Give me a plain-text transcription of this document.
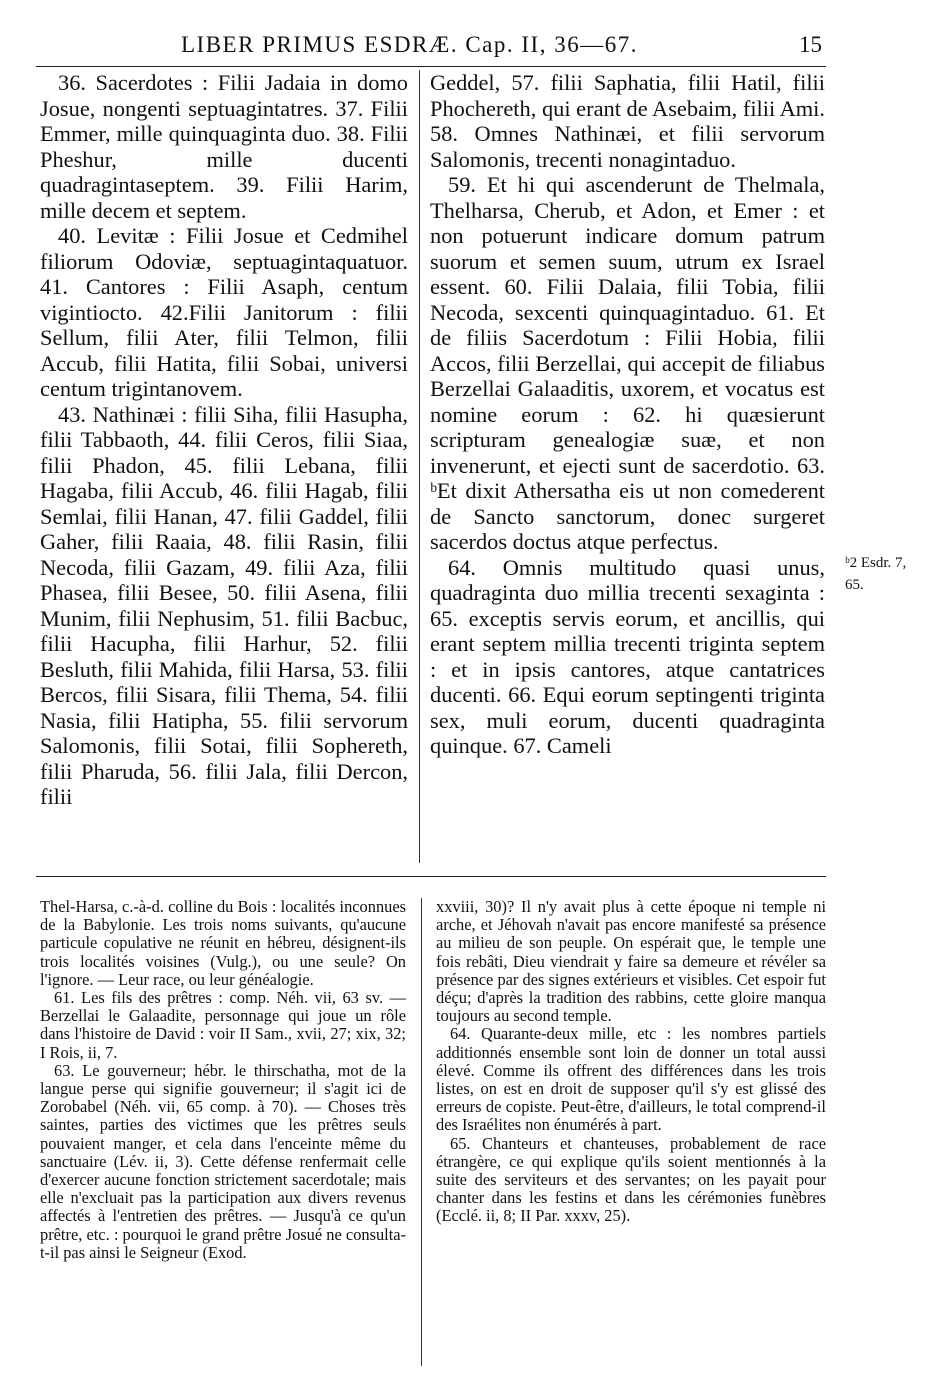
LIBER PRIMUS ESDRÆ. Cap. II, 36—67.	15

36. Sacerdotes : Filii Jadaia in domo Josue, nongenti septuagintatres. 37. Filii Emmer, mille quinquaginta duo. 38. Filii Pheshur, mille ducenti quadragintaseptem. 39. Filii Harim, mille decem et septem.

40. Levitæ : Filii Josue et Cedmihel filiorum Odoviæ, septuagintaquatuor. 41. Cantores : Filii Asaph, centum vigintiocto. 42.Filii Janitorum : filii Sellum, filii Ater, filii Telmon, filii Accub, filii Hatita, filii Sobai, universi centum trigintanovem.

43. Nathinæi : filii Siha, filii Hasupha, filii Tabbaoth, 44. filii Ceros, filii Siaa, filii Phadon, 45. filii Lebana, filii Hagaba, filii Accub, 46. filii Hagab, filii Semlai, filii Hanan, 47. filii Gaddel, filii Gaher, filii Raaia, 48. filii Rasin, filii Necoda, filii Gazam, 49. filii Aza, filii Phasea, filii Besee, 50. filii Asena, filii Munim, filii Nephusim, 51. filii Bacbuc, filii Hacupha, filii Harhur, 52. filii Besluth, filii Mahida, filii Harsa, 53. filii Bercos, filii Sisara, filii Thema, 54. filii Nasia, filii Hatipha, 55. filii servorum Salomonis, filii Sotai, filii Sophereth, filii Pharuda, 56. filii Jala, filii Dercon, filii

Geddel, 57. filii Saphatia, filii Hatil, filii Phochereth, qui erant de Asebaim, filii Ami. 58. Omnes Nathinæi, et filii servorum Salomonis, trecenti nonagintaduo.

59. Et hi qui ascenderunt de Thelmala, Thelharsa, Cherub, et Adon, et Emer : et non potuerunt indicare domum patrum suorum et semen suum, utrum ex Israel essent. 60. Filii Dalaia, filii Tobia, filii Necoda, sexcenti quinquagintaduo. 61. Et de filiis Sacerdotum : Filii Hobia, filii Accos, filii Berzellai, qui accepit de filiabus Berzellai Galaaditis, uxorem, et vocatus est nomine eorum : 62. hi quæsierunt scripturam genealogiæ suæ, et non invenerunt, et ejecti sunt de sacerdotio. 63. ᵇEt dixit Athersatha eis ut non comederent de Sancto sanctorum, donec surgeret sacerdos doctus atque perfectus.

64. Omnis multitudo quasi unus, quadraginta duo millia trecenti sexaginta : 65. exceptis servis eorum, et ancillis, qui erant septem millia trecenti triginta septem : et in ipsis cantores, atque cantatrices ducenti. 66. Equi eorum septingenti triginta sex, muli eorum, ducenti quadraginta quinque. 67. Cameli

ᵇ2 Esdr. 7,
65.

Thel-Harsa, c.-à-d. colline du Bois : localités inconnues de la Babylonie. Les trois noms suivants, qu'aucune particule copulative ne réunit en hébreu, désignent-ils trois localités voisines (Vulg.), ou une seule? On l'ignore. — Leur race, ou leur généalogie.

61. Les fils des prêtres : comp. Néh. vii, 63 sv. — Berzellai le Galaadite, personnage qui joue un rôle dans l'histoire de David : voir II Sam., xvii, 27; xix, 32; I Rois, ii, 7.

63. Le gouverneur; hébr. le thirschatha, mot de la langue perse qui signifie gouverneur; il s'agit ici de Zorobabel (Néh. vii, 65 comp. à 70). — Choses très saintes, parties des victimes que les prêtres seuls pouvaient manger, et cela dans l'enceinte même du sanctuaire (Lév. ii, 3). Cette défense renfermait celle d'exercer aucune fonction strictement sacerdotale; mais elle n'excluait pas la participation aux divers revenus affectés à l'entretien des prêtres. — Jusqu'à ce qu'un prêtre, etc. : pourquoi le grand prêtre Josué ne consulta-t-il pas ainsi le Seigneur (Exod.

xxviii, 30)? Il n'y avait plus à cette époque ni temple ni arche, et Jéhovah n'avait pas encore manifesté sa présence au milieu de son peuple. On espérait que, le temple une fois rebâti, Dieu viendrait y faire sa demeure et révéler sa présence par des signes extérieurs et visibles. Cet espoir fut déçu; d'après la tradition des rabbins, cette gloire manqua toujours au second temple.

64. Quarante-deux mille, etc : les nombres partiels additionnés ensemble sont loin de donner un total aussi élevé. Comme ils offrent des différences dans les trois listes, on est en droit de supposer qu'il s'y est glissé des erreurs de copiste. Peut-être, d'ailleurs, le total comprend-il des Israélites non énumérés à part.

65. Chanteurs et chanteuses, probablement de race étrangère, ce qui explique qu'ils soient mentionnés à la suite des serviteurs et des servantes; on les payait pour chanter dans les festins et dans les cérémonies funèbres (Ecclé. ii, 8; II Par. xxxv, 25).
